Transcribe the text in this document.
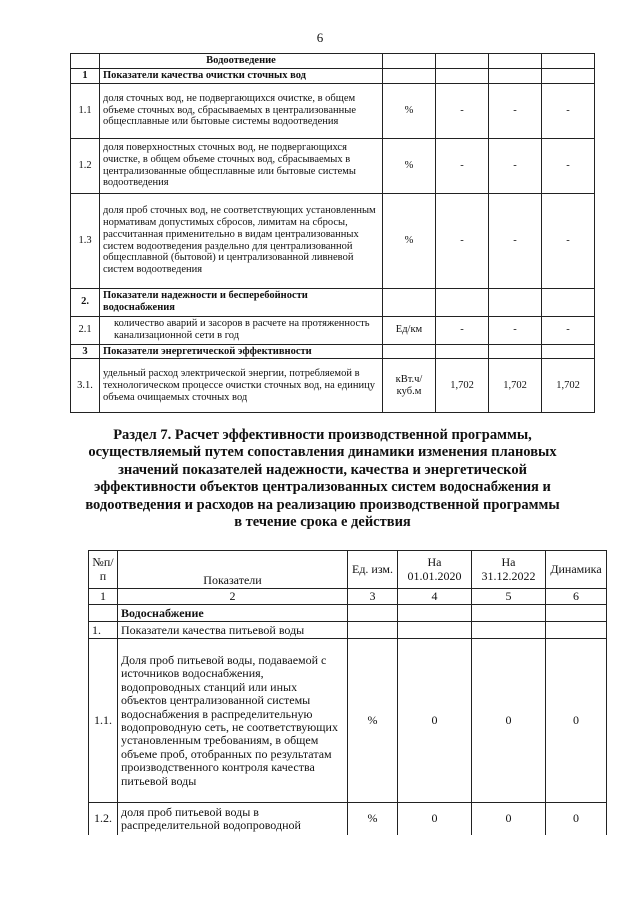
6
	Водоотведение				
1	Показатели качества очистки сточных вод				
1.1	доля сточных вод, не подвергающихся очистке, в общем объеме сточных вод, сбрасываемых в централизованные общесплавные или бытовые системы водоотведения	%	-	-	-
1.2	доля поверхностных сточных вод, не подвергающихся очистке, в общем объеме сточных вод, сбрасываемых в централизованные общесплавные или бытовые системы водоотведения	%	-	-	-
1.3	доля проб сточных вод, не соответствующих установленным нормативам допустимых сбросов, лимитам на сбросы, рассчитанная применительно в видам централизованных систем водоотведения раздельно для централизованной общесплавной (бытовой) и централизованной ливневой систем водоотведения	%	-	-	-
2.	Показатели надежности и бесперебойности водоснабжения				
2.1	количество аварий и засоров в расчете на протяженность канализационной сети в год	Ед/км	-	-	-
3	Показатели энергетической эффективности				
3.1.	удельный расход электрической энергии, потребляемой в технологическом процессе очистки сточных вод, на единицу объема очищаемых сточных вод	кВт.ч/куб.м	1,702	1,702	1,702
Раздел 7. Расчет эффективности производственной программы, осуществляемый путем сопоставления динамики изменения плановых значений показателей надежности, качества и энергетической эффективности объектов централизованных систем водоснабжения и водоотведения и расходов на реализацию производственной программы в течение срока е действия
№п/п	Показатели	Ед. изм.	На 01.01.2020	На 31.12.2022	Динамика
1	2	3	4	5	6
	Водоснабжение				
1.	Показатели качества питьевой воды				
1.1.	Доля проб питьевой воды, подаваемой с источников водоснабжения, водопроводных станций или иных объектов централизованной системы водоснабжения в распределительную водопроводную сеть, не соответствующих установленным требованиям, в общем объеме проб, отобранных по результатам производственного контроля качества питьевой воды	%	0	0	0
1.2.	доля проб питьевой воды в распределительной водопроводной	%	0	0	0
